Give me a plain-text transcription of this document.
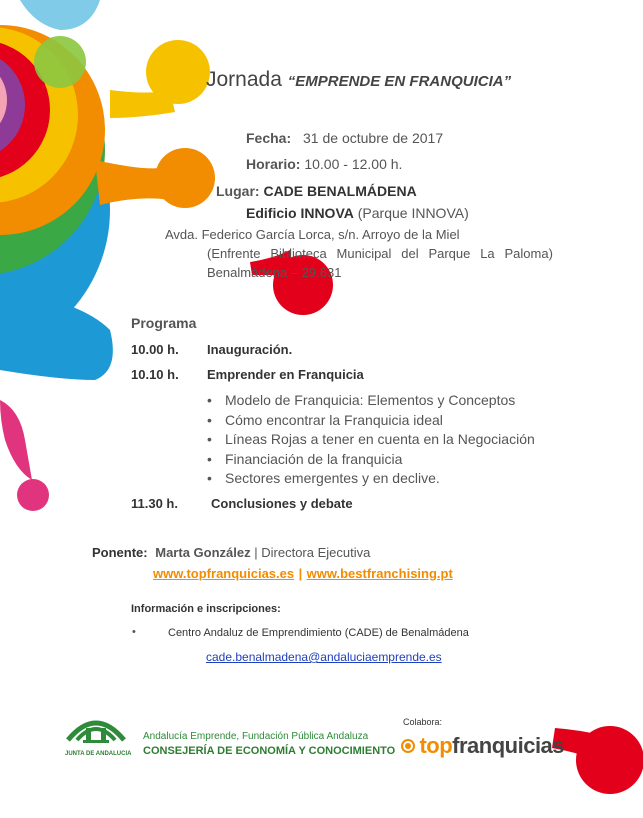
Jornada “EMPRENDE EN FRANQUICIA”
Fecha: 31 de octubre de 2017
Horario: 10.00 - 12.00 h.
Lugar: CADE BENALMÁDENA
Edificio INNOVA (Parque INNOVA)
Avda. Federico García Lorca, s/n. Arroyo de la Miel
(Enfrente Biblioteca Municipal del Parque La Paloma)
Benalmádena – 29.631
Programa
10.00 h. Inauguración.
10.10 h. Emprender en Franquicia
• Modelo de Franquicia: Elementos y Conceptos
• Cómo encontrar la Franquicia ideal
• Líneas Rojas a tener en cuenta en la Negociación
• Financiación de la franquicia
• Sectores emergentes y en declive.
11.30 h.	Conclusiones y debate
Ponente: Marta González | Directora Ejecutiva
www.topfranquicias.es | www.bestfranchising.pt
Información e inscripciones:
•	Centro Andaluz de Emprendimiento (CADE) de Benalmádena
cade.benalmadena@andaluciaemprende.es
JUNTA DE ANDALUCIA
Andalucía Emprende, Fundación Pública Andaluza
CONSEJERÍA DE ECONOMÍA Y CONOCIMIENTO
Colabora:
topfranquicias
